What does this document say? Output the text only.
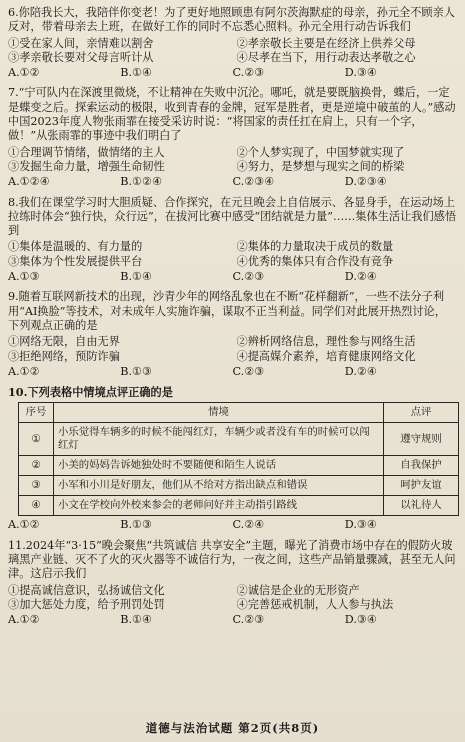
6.你陪我长大，我陪伴你变老！为了更好地照顾患有阿尔茨海默症的母亲，孙元全不顾亲人反对，带着母亲去上班，在做好工作的同时不忘悉心照料。孙元全用行动告诉我们

①受在家人间，亲情难以割舍	②孝亲敬长主要是在经济上供养父母
③孝亲敬长要对父母言听计从	④尽孝在当下，用行动表达孝敬之心
A.①②	B.①④	C.②③	D.③④

7.“宁可队内在深渡里微烧，不让精神在失败中沉沦。哪吒，就是要既脑换骨，蝶后，一定是蝶变之后。探索运动的极限，收到青春的金牌，冠军是胜者，更是逆境中破茧的人。”感动中国2023年度人物张雨霏在接受采访时说：“将国家的责任扛在肩上，只有一个字，做！”从张雨霏的事迹中我们明白了

①合理调节情绪，做情绪的主人	②个人梦实现了，中国梦就实现了
③发掘生命力量，增强生命韧性	④努力，是梦想与现实之间的桥梁
A.①②④	B.①②④	C.②③④	D.②③④

8.我们在课堂学习时大胆质疑、合作探究，在元旦晚会上自信展示、各显身手，在运动场上拉练时体会“独行快，众行远”，在拔河比赛中感受“团结就是力量”……集体生活让我们感悟到

①集体是温暖的、有力量的	②集体的力量取决于成员的数量
③集体为个性发展提供平台	④优秀的集体只有合作没有竞争
A.①③	B.①④	C.②③	D.②④

9.随着互联网新技术的出现，沙青少年的网络乱象也在不断“花样翻新”，一些不法分子利用“AI换脸”等技术，对未成年人实施诈骗，谋取不正当利益。同学们对此展开热烈讨论，下列观点正确的是

①网络无限，自由无界	②辨析网络信息，理性参与网络生活
③拒绝网络，预防诈骗	④提高媒介素养，培育健康网络文化
A.①②	B.①③	C.②③	D.②④

10.下列表格中情境点评正确的是

序号	情境	点评
①	小乐觉得车辆多的时候不能闯红灯，车辆少或者没有车的时候可以闯红灯	遵守规则
②	小美的妈妈告诉她独处时不要随便和陌生人说话	自我保护
③	小军和小川是好朋友，他们从不给对方指出缺点和错误	呵护友谊
④	小文在学校向外校来参会的老师问好并主动指引路线	以礼待人
A.①②	B.①③	C.②④	D.③④

11.2024年“3·15”晚会聚焦“共筑诚信 共享安全”主题，曝光了消费市场中存在的假防火玻璃黑产业链、灭不了火的灭火器等不诚信行为，一夜之间，这些产品销量骤减，甚至无人问津。这启示我们

①提高诚信意识，弘扬诚信文化	②诚信是企业的无形资产
③加大惩处力度，给予刑罚处罚	④完善惩戒机制，人人参与执法
A.①②	B.①④	C.②③	D.③④
道德与法治试题 第2页(共8页)
